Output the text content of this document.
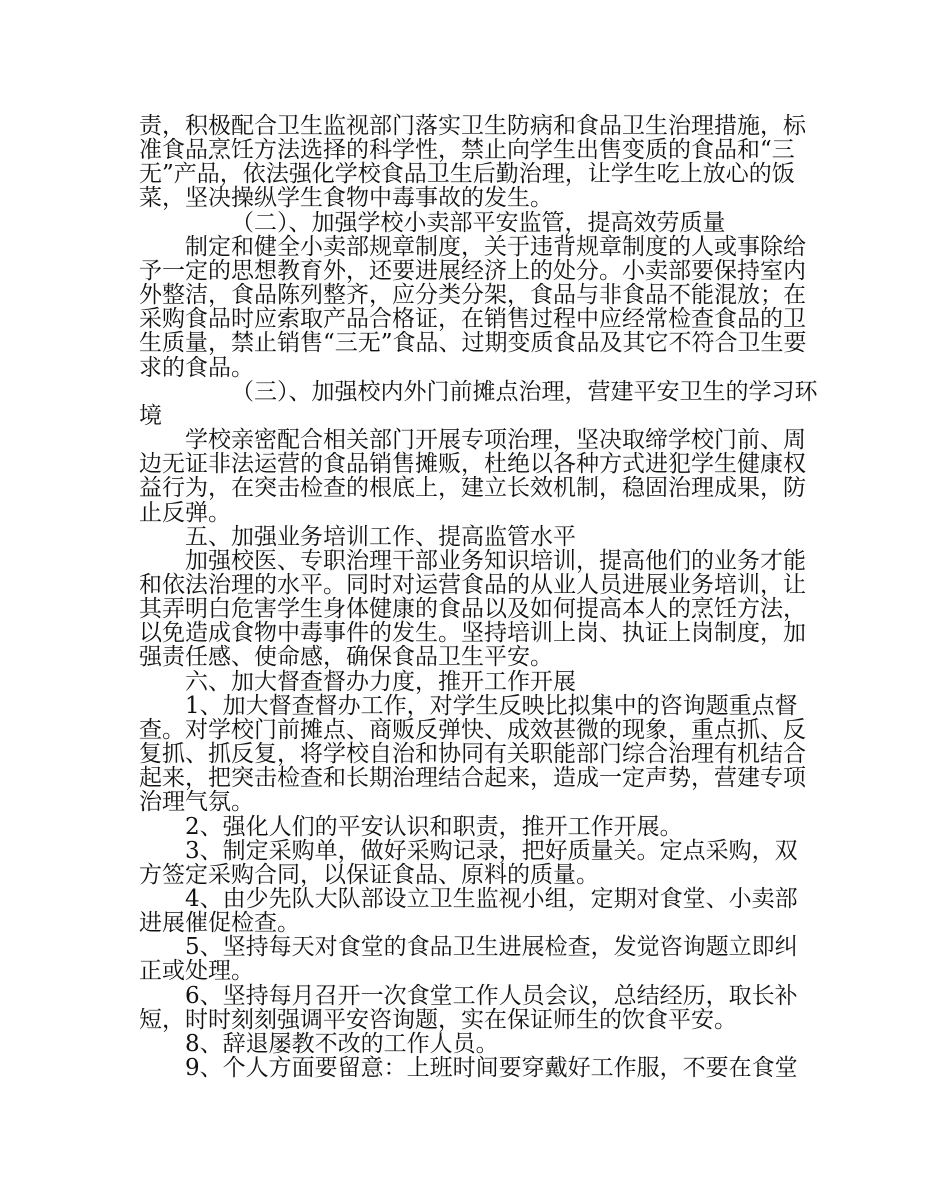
责，积极配合卫生监视部门落实卫生防病和食品卫生治理措施，标准食品烹饪方法选择的科学性，禁止向学生出售变质的食品和“三无”产品，依法强化学校食品卫生后勤治理，让学生吃上放心的饭菜，坚决操纵学生食物中毒事故的发生。

（二）、加强学校小卖部平安监管，提高效劳质量

制定和健全小卖部规章制度，关于违背规章制度的人或事除给予一定的思想教育外，还要进展经济上的处分。小卖部要保持室内外整洁，食品陈列整齐，应分类分架，食品与非食品不能混放；在采购食品时应索取产品合格证，在销售过程中应经常检查食品的卫生质量，禁止销售“三无”食品、过期变质食品及其它不符合卫生要求的食品。

（三）、加强校内外门前摊点治理，营建平安卫生的学习环境

学校亲密配合相关部门开展专项治理，坚决取缔学校门前、周边无证非法运营的食品销售摊贩，杜绝以各种方式进犯学生健康权益行为，在突击检查的根底上，建立长效机制，稳固治理成果，防止反弹。

五、加强业务培训工作、提高监管水平

加强校医、专职治理干部业务知识培训，提高他们的业务才能和依法治理的水平。同时对运营食品的从业人员进展业务培训，让其弄明白危害学生身体健康的食品以及如何提高本人的烹饪方法，以免造成食物中毒事件的发生。坚持培训上岗、执证上岗制度，加强责任感、使命感，确保食品卫生平安。

六、加大督查督办力度，推开工作开展

1、加大督查督办工作，对学生反映比拟集中的咨询题重点督查。对学校门前摊点、商贩反弹快、成效甚微的现象，重点抓、反复抓、抓反复，将学校自治和协同有关职能部门综合治理有机结合起来，把突击检查和长期治理结合起来，造成一定声势，营建专项治理气氛。

2、强化人们的平安认识和职责，推开工作开展。

3、制定采购单，做好采购记录，把好质量关。定点采购，双方签定采购合同，以保证食品、原料的质量。

4、由少先队大队部设立卫生监视小组，定期对食堂、小卖部进展催促检查。

5、坚持每天对食堂的食品卫生进展检查，发觉咨询题立即纠正或处理。

6、坚持每月召开一次食堂工作人员会议，总结经历，取长补短，时时刻刻强调平安咨询题，实在保证师生的饮食平安。

8、辞退屡教不改的工作人员。

9、个人方面要留意：上班时间要穿戴好工作服，不要在食堂
